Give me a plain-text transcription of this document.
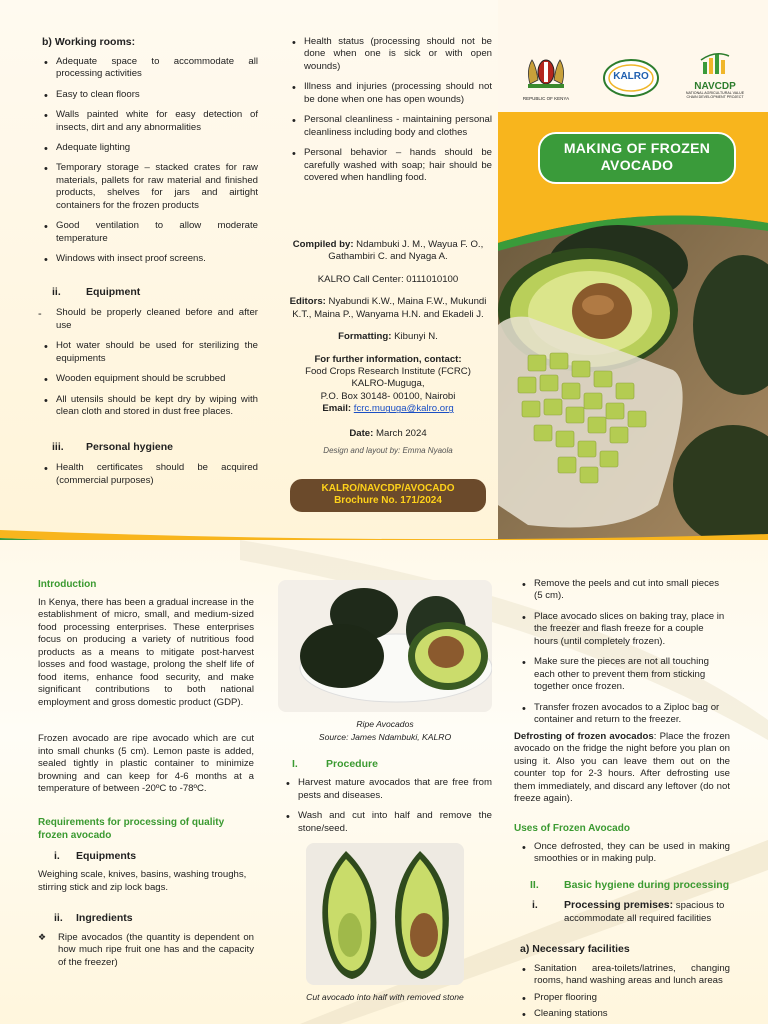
b) Working rooms:
• Adequate space to accommodate all processing activities
• Easy to clean floors
• Walls painted white for easy detection of insects, dirt and any abnormalities
• Adequate lighting
• Temporary storage – stacked crates for raw materials, pallets for raw material and finished products, shelves for jars and airtight containers for the frozen products
• Good ventilation to allow moderate temperature
• Windows with insect proof screens.
ii.	Equipment
- Should be properly cleaned before and after use
• Hot water should be used for sterilizing the equipments
• Wooden equipment should be scrubbed
• All utensils should be kept dry by wiping with clean cloth and stored in dust free places.
iii.	Personal hygiene
• Health certificates should be acquired (commercial purposes)
• Health status (processing should not be done when one is sick or with open wounds)
• Illness and injuries (processing should not be done when one has open wounds)
• Personal cleanliness - maintaining personal cleanliness including body and clothes
• Personal behavior – hands should be carefully washed with soap; hair should be covered when handling food.

Compiled by: Ndambuki J. M., Wayua F. O., Gathambiri C. and Nyaga A.

KALRO Call Center: 0111010100

Editors: Nyabundi K.W., Maina F.W., Mukundi K.T., Maina P., Wanyama H.N. and Ekadeli J.

Formatting: Kibunyi N.

For further information, contact:
Food Crops Research Institute (FCRC)
KALRO-Muguga,
P.O. Box 30148- 00100, Nairobi
Email: fcrc.muguga@kalro.org

Date: March 2024

Design and layout by: Emma Nyaola
KALRO/NAVCDP/AVOCADO
Brochure No. 171/2024
REPUBLIC OF KENYA
KALRO
NAVCDP
NATIONAL AGRICULTURAL VALUE CHAIN DEVELOPMENT PROJECT
MAKING OF FROZEN
AVOCADO
Introduction

In Kenya, there has been a gradual increase in the establishment of micro, small, and medium-sized food processing enterprises. These enterprises focus on producing a variety of nutritious food products as a means to mitigate post-harvest losses and food wastage, prolong the shelf life of food items, enhance food security, and make significant contributions to both national employment and gross domestic product (GDP).

Frozen avocado are ripe avocado which are cut into small chunks (5 cm). Lemon paste is added, sealed tightly in plastic container to minimize browning and can keep for 4-6 months at a temperature of between -20ºC to -78ºC.

Requirements for processing of quality frozen avocado
i.	Equipments

Weighing scale, knives, basins, washing troughs, stirring stick and zip lock bags.

ii.	Ingredients
❖ Ripe avocados (the quantity is dependent on how much ripe fruit one has and the capacity of the freezer)
Ripe Avocados
Source: James Ndambuki, KALRO
I.	Procedure
• Harvest mature avocados that are free from pests and diseases.
• Wash and cut into half and remove the stone/seed.
Cut avocado into half with removed stone
• Remove the peels and cut into small pieces (5 cm).
• Place avocado slices on baking tray, place in the freezer and flash freeze for a couple hours (until completely frozen).
• Make sure the pieces are not all touching each other to prevent them from sticking together once frozen.
• Transfer frozen avocados to a Ziploc bag or container and return to the freezer.

Defrosting of frozen avocados: Place the frozen avocado on the fridge the night before you plan on using it. Also you can leave them out on the counter top for 2-3 hours. After defrosting use them immediately, and discard any leftover (do not freeze again).

Uses of Frozen Avocado
• Once defrosted, they can be used in making smoothies or in making pulp.
II.	Basic hygiene during processing
i.	Processing premises: spacious to accommodate all required facilities
a) Necessary facilities
• Sanitation area-toilets/latrines, changing rooms, hand washing areas and lunch areas
• Proper flooring
• Cleaning stations
